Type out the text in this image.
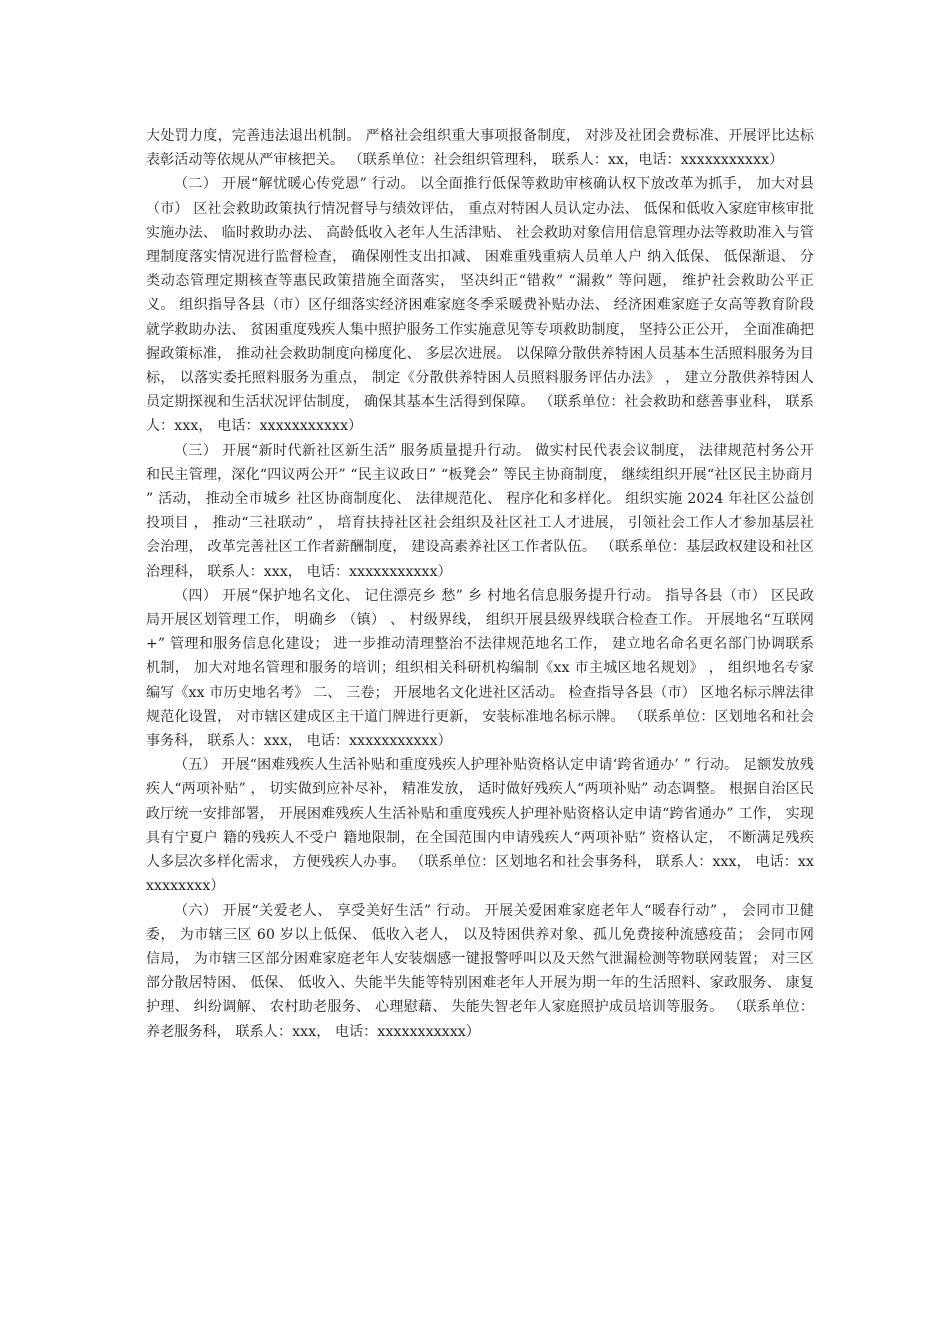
大处罚力度，完善违法退出机制。 严格社会组织重大事项报备制度， 对涉及社团会费标准、开展评比达标表彰活动等依规从严审核把关。 （联系单位：社会组织管理科， 联系人：xx，电话：xxxxxxxxxxx）

（二） 开展“解忧暖心传党恩” 行动。 以全面推行低保等救助审核确认权下放改革为抓手， 加大对县（市） 区社会救助政策执行情况督导与绩效评估， 重点对特困人员认定办法、 低保和低收入家庭审核审批实施办法、 临时救助办法、 高龄低收入老年人生活津贴、 社会救助对象信用信息管理办法等救助准入与管理制度落实情况进行监督检查， 确保刚性支出扣减、 困难重残重病人员单人户 纳入低保、 低保渐退、 分类动态管理定期核查等惠民政策措施全面落实， 坚决纠正“错救” “漏救” 等问题， 维护社会救助公平正义。 组织指导各县（市）区仔细落实经济困难家庭冬季采暖费补贴办法、 经济困难家庭子女高等教育阶段就学救助办法、 贫困重度残疾人集中照护服务工作实施意见等专项救助制度， 坚持公正公开， 全面准确把握政策标准， 推动社会救助制度向梯度化、 多层次进展。 以保障分散供养特困人员基本生活照料服务为目 标， 以落实委托照料服务为重点， 制定《分散供养特困人员照料服务评估办法》 ， 建立分散供养特困人员定期探视和生活状况评估制度， 确保其基本生活得到保障。 （联系单位：社会救助和慈善事业科， 联系人：xxx， 电话：xxxxxxxxxxx）

（三） 开展“新时代新社区新生活” 服务质量提升行动。 做实村民代表会议制度， 法律规范村务公开和民主管理，深化“四议两公开” “民主议政日” “板凳会” 等民主协商制度， 继续组织开展“社区民主协商月 ” 活动， 推动全市城乡 社区协商制度化、 法律规范化、 程序化和多样化。 组织实施 2024 年社区公益创投项目 ， 推动“三社联动” ， 培育扶持社区社会组织及社区社工人才进展， 引领社会工作人才参加基层社会治理， 改革完善社区工作者薪酬制度， 建设高素养社区工作者队伍。 （联系单位：基层政权建设和社区治理科， 联系人：xxx， 电话：xxxxxxxxxxx）

（四） 开展“保护地名文化、 记住漂亮乡 愁” 乡 村地名信息服务提升行动。 指导各县（市） 区民政局开展区划管理工作， 明确乡 （镇） 、 村级界线， 组织开展县级界线联合检查工作。 开展地名“互联网+” 管理和服务信息化建设； 进一步推动清理整治不法律规范地名工作， 建立地名命名更名部门协调联系机制， 加大对地名管理和服务的培训；组织相关科研机构编制《xx 市主城区地名规划》 ， 组织地名专家编写《xx 市历史地名考》 二、 三卷； 开展地名文化进社区活动。 检查指导各县（市） 区地名标示牌法律规范化设置， 对市辖区建成区主干道门牌进行更新， 安装标准地名标示牌。 （联系单位：区划地名和社会事务科， 联系人：xxx， 电话：xxxxxxxxxxx）

（五） 开展“困难残疾人生活补贴和重度残疾人护理补贴资格认定申请‘跨省通办’ ” 行动。 足额发放残疾人“两项补贴” ， 切实做到应补尽补， 精准发放， 适时做好残疾人“两项补贴” 动态调整。 根据自治区民政厅统一安排部署， 开展困难残疾人生活补贴和重度残疾人护理补贴资格认定申请“跨省通办” 工作， 实现具有宁夏户 籍的残疾人不受户 籍地限制，在全国范围内申请残疾人“两项补贴” 资格认定， 不断满足残疾人多层次多样化需求， 方便残疾人办事。 （联系单位：区划地名和社会事务科， 联系人：xxx， 电话：xxxxxxxxxx）

（六） 开展“关爱老人、 享受美好生活” 行动。 开展关爱困难家庭老年人“暖春行动” ， 会同市卫健委， 为市辖三区 60 岁以上低保、 低收入老人， 以及特困供养对象、孤儿免费接种流感疫苗； 会同市网信局， 为市辖三区部分困难家庭老年人安装烟感一键报警呼叫以及天然气泄漏检测等物联网装置； 对三区部分散居特困、 低保、 低收入、失能半失能等特别困难老年人开展为期一年的生活照料、家政服务、 康复护理、 纠纷调解、 农村助老服务、 心理慰藉、 失能失智老年人家庭照护成员培训等服务。 （联系单位：养老服务科， 联系人：xxx， 电话：xxxxxxxxxxx）
